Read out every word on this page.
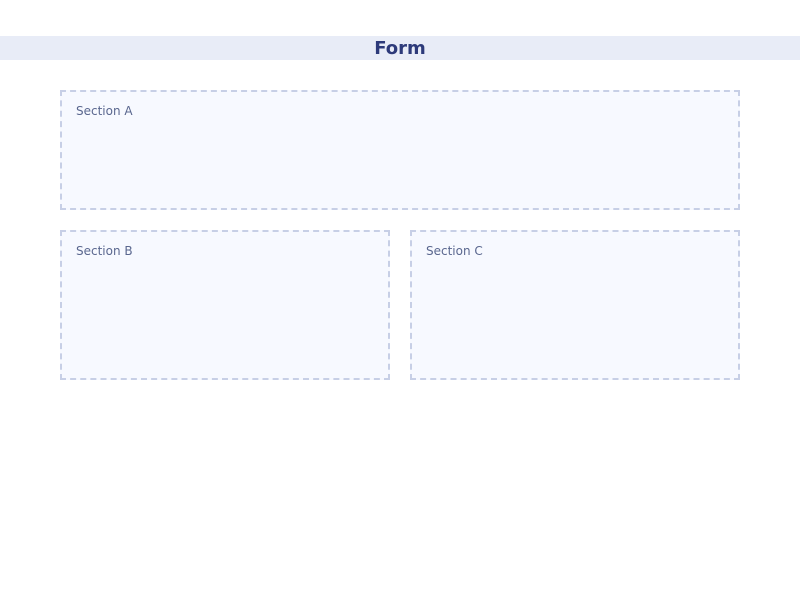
Form
Section A
Section B	Section C
